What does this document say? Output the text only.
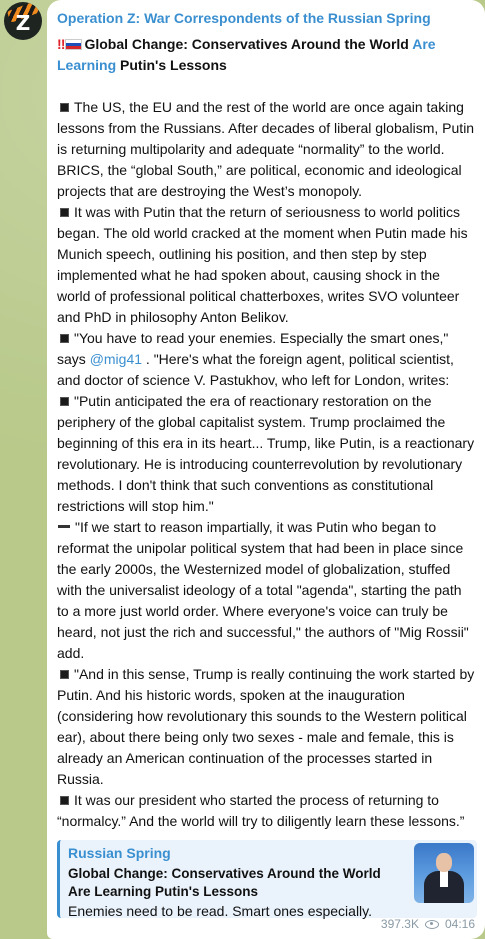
Z Operation Z: War Correspondents of the Russian Spring
‼ Global Change: Conservatives Around the World Are Learning Putin's Lessons
The US, the EU and the rest of the world are once again taking lessons from the Russians. After decades of liberal globalism, Putin is returning multipolarity and adequate “normality” to the world. BRICS, the “global South,” are political, economic and ideological projects that are destroying the West’s monopoly.
It was with Putin that the return of seriousness to world politics began. The old world cracked at the moment when Putin made his Munich speech, outlining his position, and then step by step implemented what he had spoken about, causing shock in the world of professional political chatterboxes, writes SVO volunteer and PhD in philosophy Anton Belikov.
"You have to read your enemies. Especially the smart ones," says @mig41 . "Here's what the foreign agent, political scientist, and doctor of science V. Pastukhov, who left for London, writes:
"Putin anticipated the era of reactionary restoration on the periphery of the global capitalist system. Trump proclaimed the beginning of this era in its heart... Trump, like Putin, is a reactionary revolutionary. He is introducing counterrevolution by revolutionary methods. I don't think that such conventions as constitutional restrictions will stop him."
"If we start to reason impartially, it was Putin who began to reformat the unipolar political system that had been in place since the early 2000s, the Westernized model of globalization, stuffed with the universalist ideology of a total "agenda", starting the path to a more just world order. Where everyone's voice can truly be heard, not just the rich and successful," the authors of "Mig Rossii" add.
"And in this sense, Trump is really continuing the work started by Putin. And his historic words, spoken at the inauguration (considering how revolutionary this sounds to the Western political ear), about there being only two sexes - male and female, this is already an American continuation of the processes started in Russia.
It was our president who started the process of returning to “normalcy.” And the world will try to diligently learn these lessons.”
Russian Spring
Global Change: Conservatives Around the World Are Learning Putin's Lessons
Enemies need to be read. Smart ones especially.
397.3K 04:16
